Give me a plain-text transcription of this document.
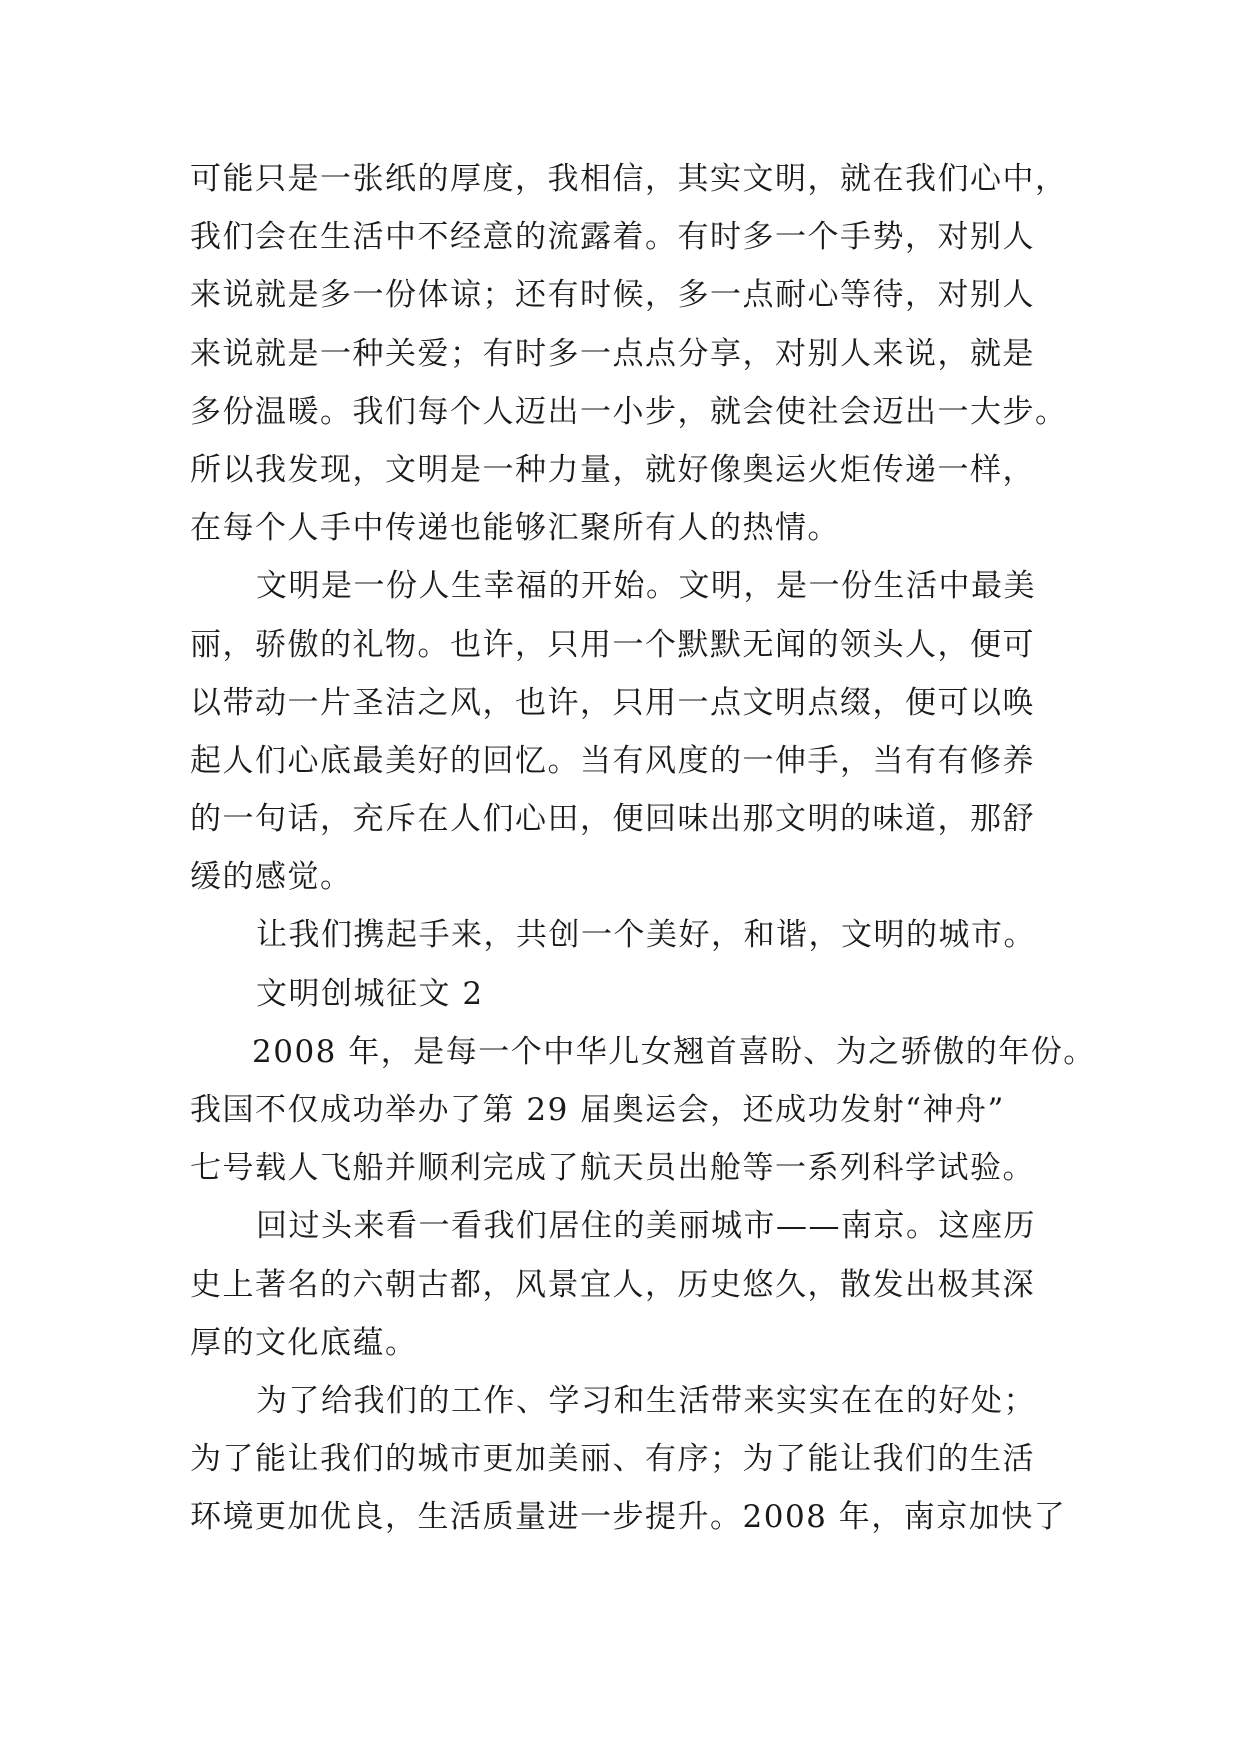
可能只是一张纸的厚度，我相信，其实文明，就在我们心中，
我们会在生活中不经意的流露着。有时多一个手势，对别人
来说就是多一份体谅；还有时候，多一点耐心等待，对别人
来说就是一种关爱；有时多一点点分享，对别人来说，就是
多份温暖。我们每个人迈出一小步，就会使社会迈出一大步。
所以我发现，文明是一种力量，就好像奥运火炬传递一样，
在每个人手中传递也能够汇聚所有人的热情。
文明是一份人生幸福的开始。文明，是一份生活中最美
丽，骄傲的礼物。也许，只用一个默默无闻的领头人，便可
以带动一片圣洁之风，也许，只用一点文明点缀，便可以唤
起人们心底最美好的回忆。当有风度的一伸手，当有有修养
的一句话，充斥在人们心田，便回味出那文明的味道，那舒
缓的感觉。
让我们携起手来，共创一个美好，和谐，文明的城市。
文明创城征文 2
2008 年，是每一个中华儿女翘首喜盼、为之骄傲的年份。
我国不仅成功举办了第 29 届奥运会，还成功发射“神舟”
七号载人飞船并顺利完成了航天员出舱等一系列科学试验。
回过头来看一看我们居住的美丽城市——南京。这座历
史上著名的六朝古都，风景宜人，历史悠久，散发出极其深
厚的文化底蕴。
为了给我们的工作、学习和生活带来实实在在的好处；
为了能让我们的城市更加美丽、有序；为了能让我们的生活
环境更加优良，生活质量进一步提升。2008 年，南京加快了
